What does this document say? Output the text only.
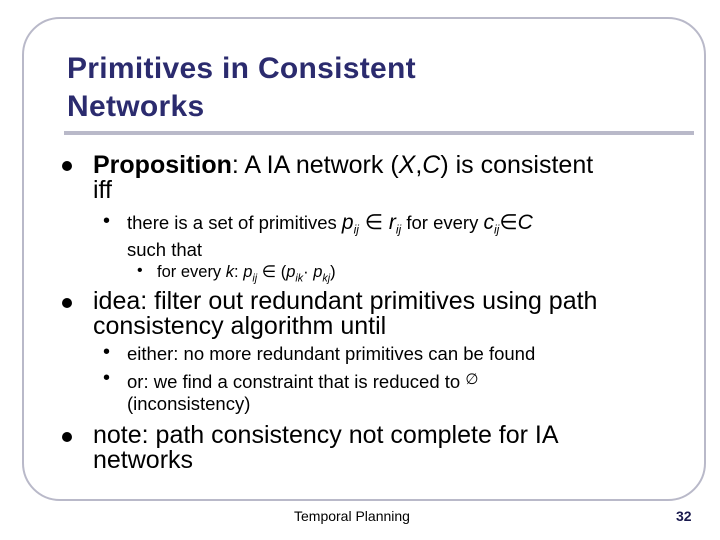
Primitives in Consistent
Networks
Proposition: A IA network (X,C) is consistent
iff
• there is a set of primitives $p_{ij}$ ∈ $r_{ij}$ for every $c_{ij}\in C$
such that
• for every k: $p_{ij}$ ∈ $(p_{ik}\cdot p_{kj})$
idea: filter out redundant primitives using path
consistency algorithm until
• either: no more redundant primitives can be found
• or: we find a constraint that is reduced to ∅
(inconsistency)
note: path consistency not complete for IA
networks
Temporal Planning	32
